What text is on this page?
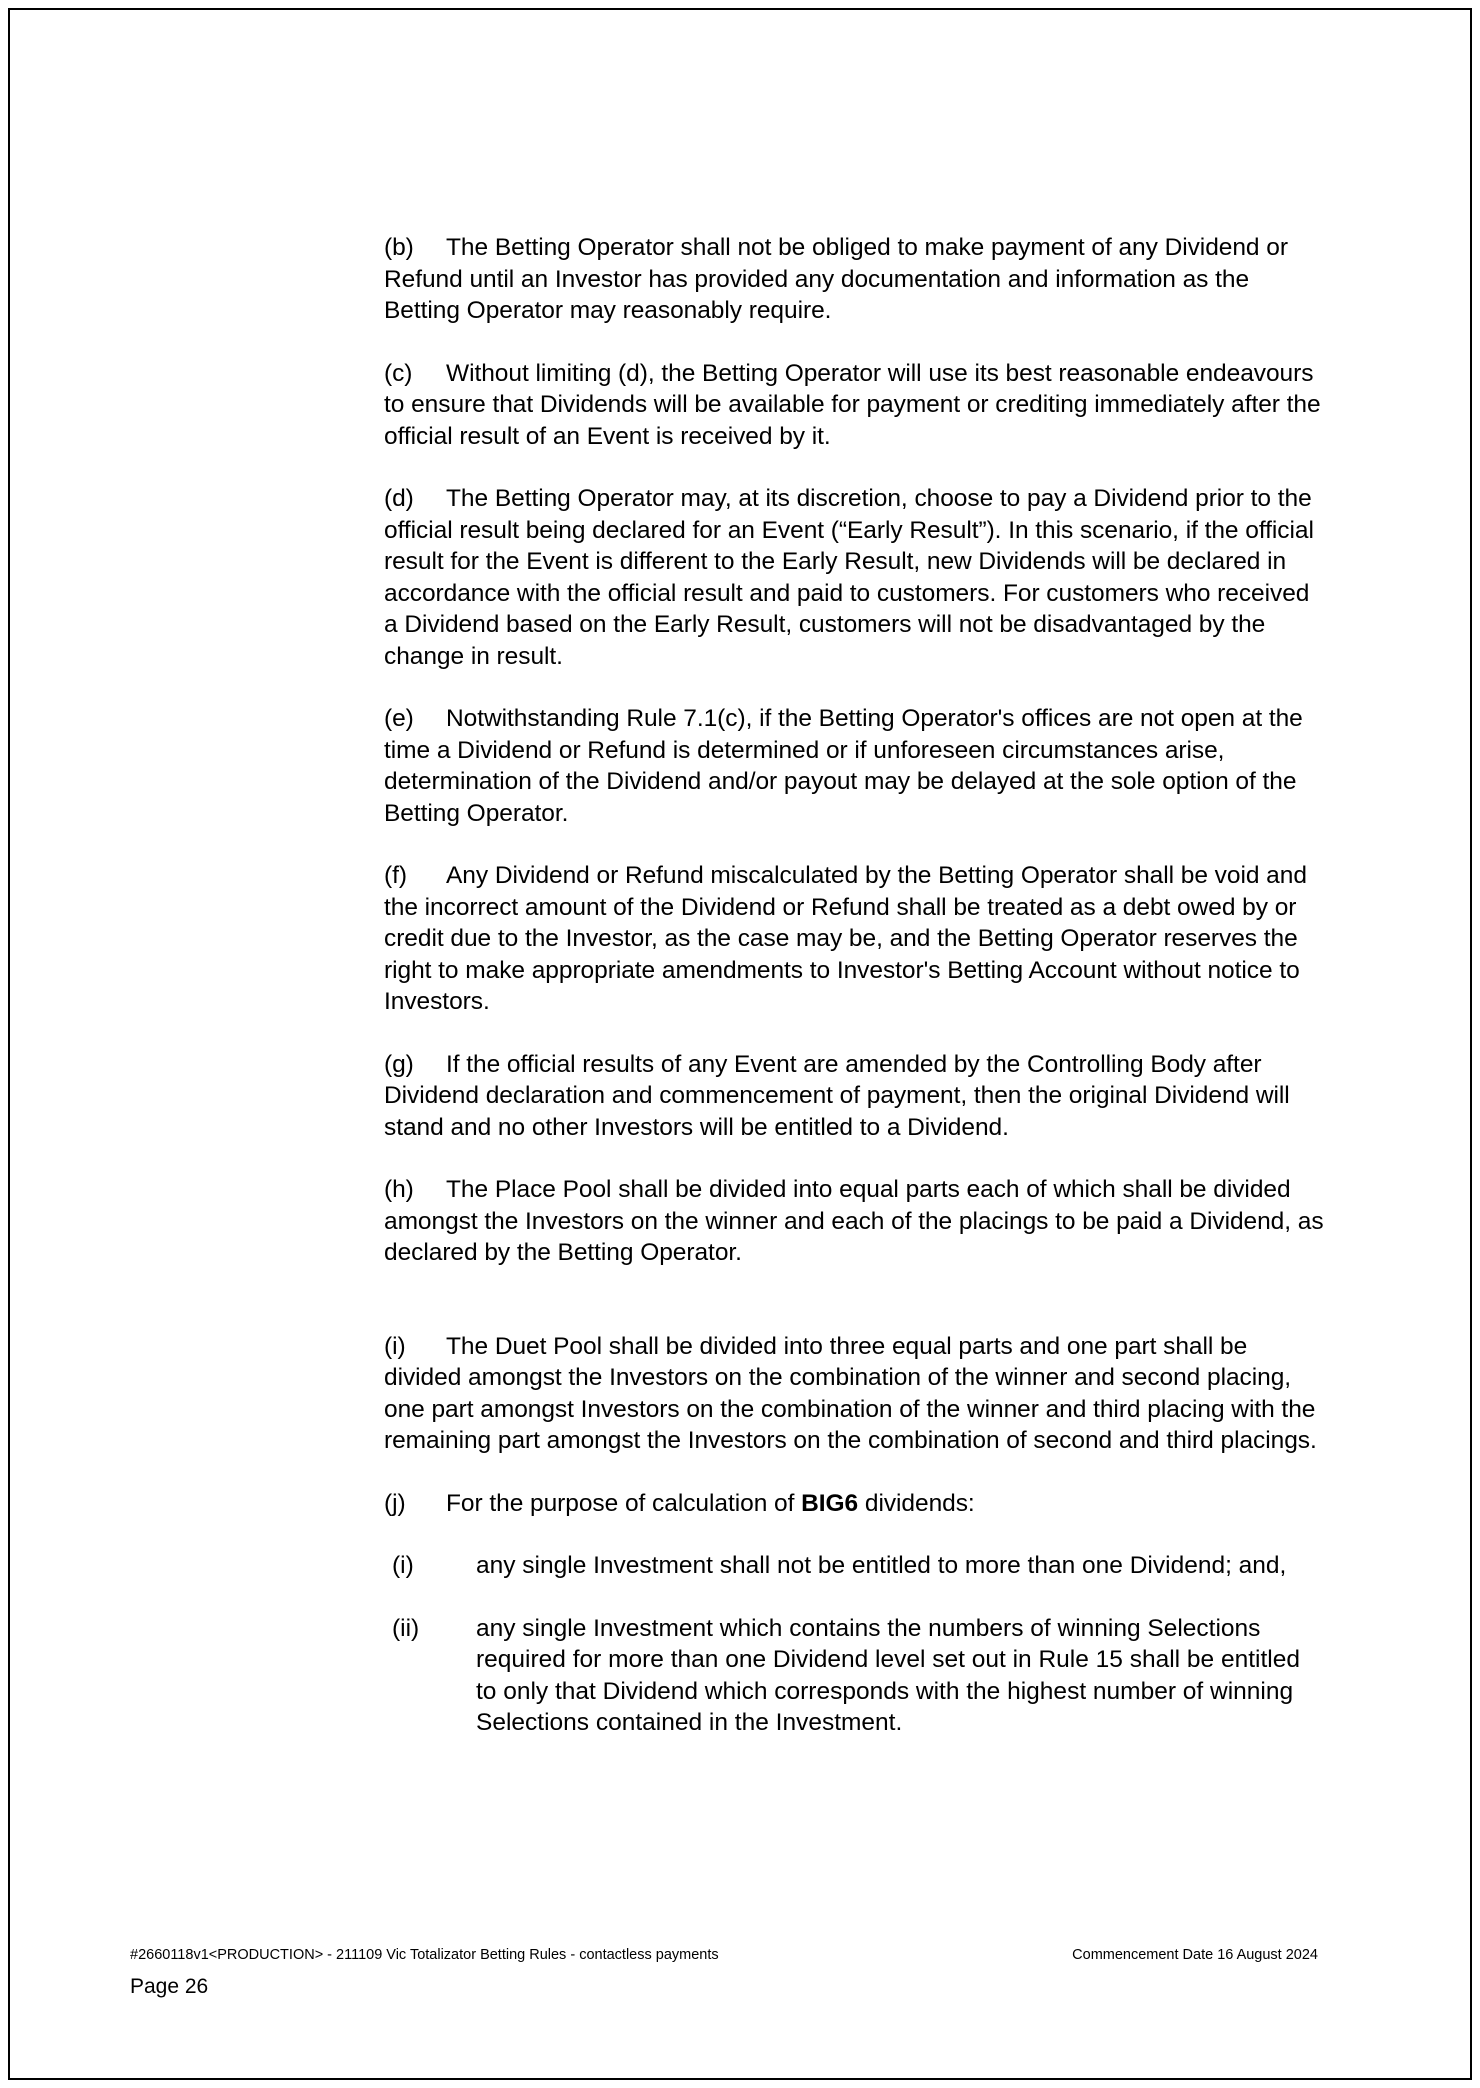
(b) The Betting Operator shall not be obliged to make payment of any Dividend or Refund until an Investor has provided any documentation and information as the Betting Operator may reasonably require.

(c) Without limiting (d), the Betting Operator will use its best reasonable endeavours to ensure that Dividends will be available for payment or crediting immediately after the official result of an Event is received by it.

(d) The Betting Operator may, at its discretion, choose to pay a Dividend prior to the official result being declared for an Event (“Early Result”). In this scenario, if the official result for the Event is different to the Early Result, new Dividends will be declared in accordance with the official result and paid to customers. For customers who received a Dividend based on the Early Result, customers will not be disadvantaged by the change in result.

(e) Notwithstanding Rule 7.1(c), if the Betting Operator's offices are not open at the time a Dividend or Refund is determined or if unforeseen circumstances arise, determination of the Dividend and/or payout may be delayed at the sole option of the Betting Operator.

(f) Any Dividend or Refund miscalculated by the Betting Operator shall be void and the incorrect amount of the Dividend or Refund shall be treated as a debt owed by or credit due to the Investor, as the case may be, and the Betting Operator reserves the right to make appropriate amendments to Investor's Betting Account without notice to Investors.

(g) If the official results of any Event are amended by the Controlling Body after Dividend declaration and commencement of payment, then the original Dividend will stand and no other Investors will be entitled to a Dividend.

(h) The Place Pool shall be divided into equal parts each of which shall be divided amongst the Investors on the winner and each of the placings to be paid a Dividend, as declared by the Betting Operator.

(i) The Duet Pool shall be divided into three equal parts and one part shall be divided amongst the Investors on the combination of the winner and second placing, one part amongst Investors on the combination of the winner and third placing with the remaining part amongst the Investors on the combination of second and third placings.

(j) For the purpose of calculation of BIG6 dividends:

(i)	any single Investment shall not be entitled to more than one Dividend; and,

(ii)	any single Investment which contains the numbers of winning Selections required for more than one Dividend level set out in Rule 15 shall be entitled to only that Dividend which corresponds with the highest number of winning Selections contained in the Investment.

#2660118v1<PRODUCTION> - 211109 Vic Totalizator Betting Rules - contactless payments	Commencement Date 16 August 2024
Page 26
